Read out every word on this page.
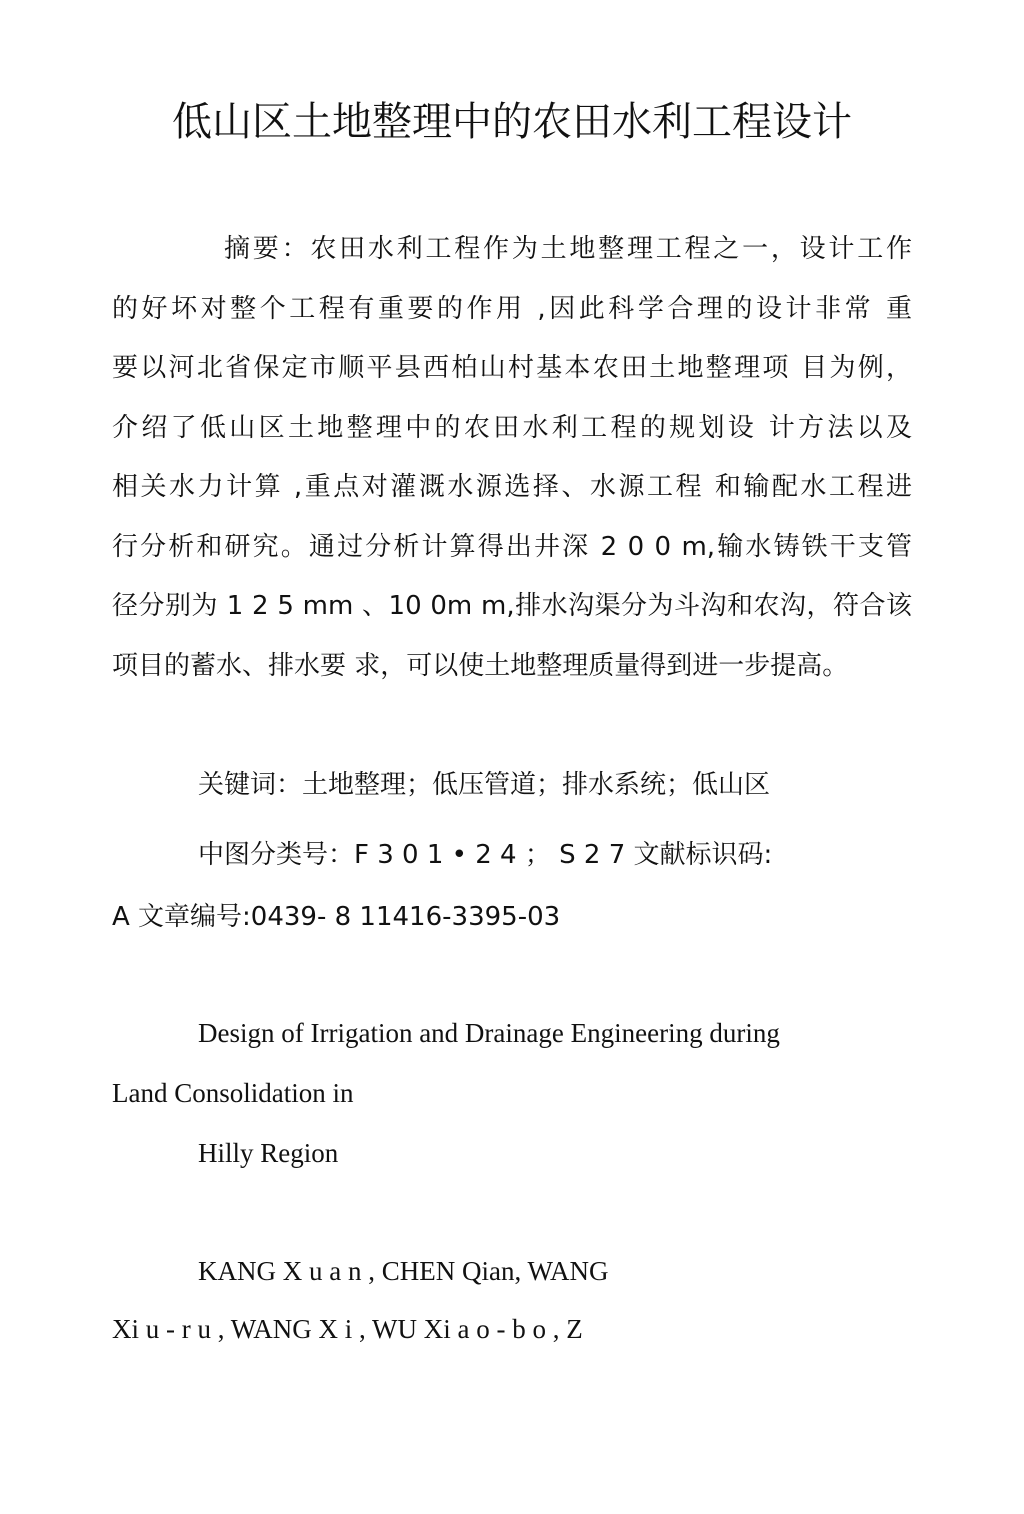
低山区土地整理中的农田水利工程设计
摘要：农田水利工程作为土地整理工程之一，设计工作
的好坏对整个工程有重要的作用 ,因此科学合理的设计非常 重
要以河北省保定市顺平县西柏山村基本农田土地整理项 目为例，
介绍了低山区土地整理中的农田水利工程的规划设 计方法以及
相关水力计算 ,重点对灌溉水源选择、水源工程 和输配水工程进
行分析和研究。通过分析计算得出井深 2 0 0 m,输水铸铁干支管
径分别为 1 2 5 mm 、10 0m m,排水沟渠分为斗沟和农沟，符合该
项目的蓄水、排水要 求，可以使土地整理质量得到进一步提高。
关键词：土地整理；低压管道；排水系统；低山区
中图分类号：F 3 0 1 • 2 4 ； S 2 7 文献标识码:
A 文章编号:0439- 8 11416-3395-03
Design of Irrigation and Drainage Engineering during
Land Consolidation in
Hilly Region
KANG X u a n , CHEN Qian, WANG
Xi u - r u , WANG X i , WU Xi a o - b o , Z
